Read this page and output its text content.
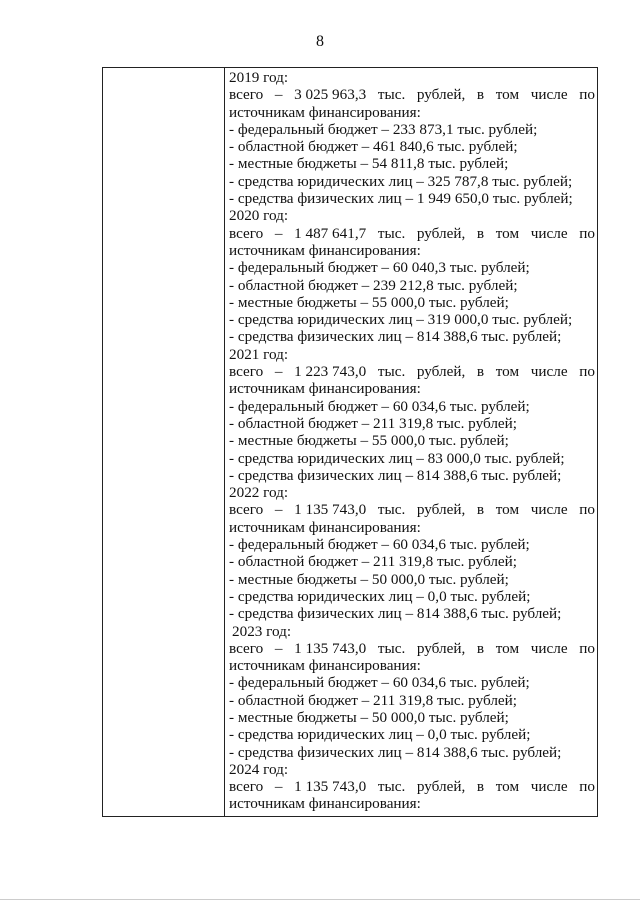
8
2019 год:
всего – 3 025 963,3 тыс. рублей, в том числе по
источникам финансирования:
- федеральный бюджет – 233 873,1 тыс. рублей;
- областной бюджет – 461 840,6 тыс. рублей;
- местные бюджеты – 54 811,8 тыс. рублей;
- средства юридических лиц – 325 787,8 тыс. рублей;
- средства физических лиц – 1 949 650,0 тыс. рублей;
2020 год:
всего – 1 487 641,7 тыс. рублей, в том числе по
источникам финансирования:
- федеральный бюджет – 60 040,3 тыс. рублей;
- областной бюджет – 239 212,8 тыс. рублей;
- местные бюджеты – 55 000,0 тыс. рублей;
- средства юридических лиц – 319 000,0 тыс. рублей;
- средства физических лиц – 814 388,6 тыс. рублей;
2021 год:
всего – 1 223 743,0 тыс. рублей, в том числе по
источникам финансирования:
- федеральный бюджет – 60 034,6 тыс. рублей;
- областной бюджет – 211 319,8 тыс. рублей;
- местные бюджеты – 55 000,0 тыс. рублей;
- средства юридических лиц – 83 000,0 тыс. рублей;
- средства физических лиц – 814 388,6 тыс. рублей;
2022 год:
всего – 1 135 743,0 тыс. рублей, в том числе по
источникам финансирования:
- федеральный бюджет – 60 034,6 тыс. рублей;
- областной бюджет – 211 319,8 тыс. рублей;
- местные бюджеты – 50 000,0 тыс. рублей;
- средства юридических лиц – 0,0 тыс. рублей;
- средства физических лиц – 814 388,6 тыс. рублей;
2023 год:
всего – 1 135 743,0 тыс. рублей, в том числе по
источникам финансирования:
- федеральный бюджет – 60 034,6 тыс. рублей;
- областной бюджет – 211 319,8 тыс. рублей;
- местные бюджеты – 50 000,0 тыс. рублей;
- средства юридических лиц – 0,0 тыс. рублей;
- средства физических лиц – 814 388,6 тыс. рублей;
2024 год:
всего – 1 135 743,0 тыс. рублей, в том числе по
источникам финансирования:
